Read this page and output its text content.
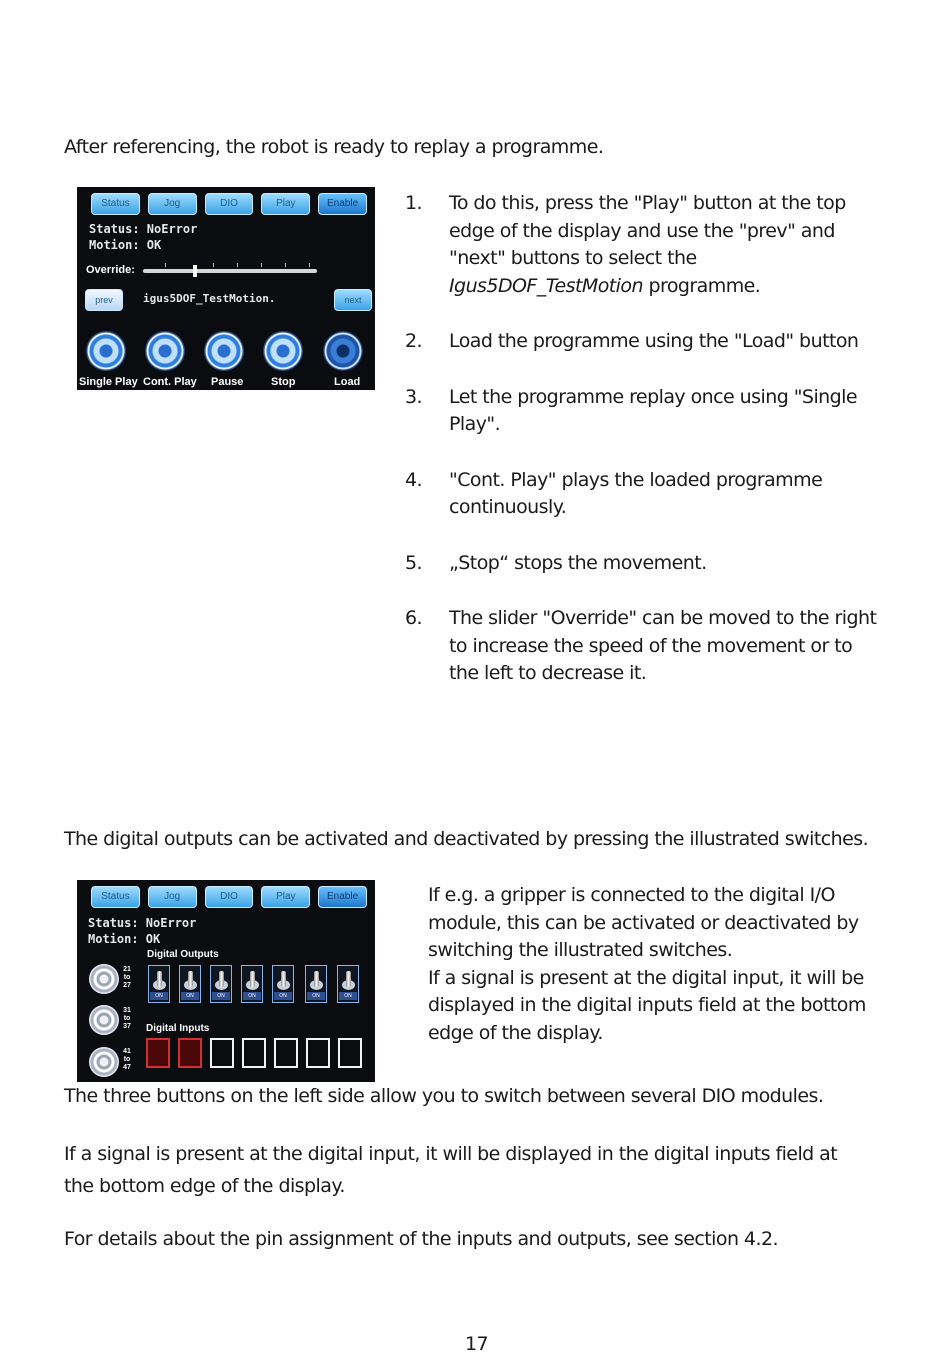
After referencing, the robot is ready to replay a programme.
Status	Jog	DIO	Play	Enable
Status: NoError
Motion: OK
Override:
prev	igus5DOF_TestMotion.	next
Single Play Cont. Play Pause	Stop	Load
1.	To do this, press the "Play" button at the top edge of the display and use the "prev" and "next" buttons to select the Igus5DOF_TestMotion programme.
2.	Load the programme using the "Load" button
3.	Let the programme replay once using "Single Play".
4.	"Cont. Play" plays the loaded programme continuously.
5.	„Stop“ stops the movement.
6.	The slider "Override" can be moved to the right to increase the speed of the movement or to the left to decrease it.
The digital outputs can be activated and deactivated by pressing the illustrated switches.
Status	Jog	DIO	Play	Enable
Status: NoError
Motion: OK
Digital Outputs
Digital Inputs
21
to
27
31
to
37
41
to
47
ON	ON	ON	ON	ON	ON	ON
If e.g. a gripper is connected to the digital I/O module, this can be activated or deactivated by switching the illustrated switches.
If a signal is present at the digital input, it will be displayed in the digital inputs field at the bottom edge of the display.
The three buttons on the left side allow you to switch between several DIO modules.
If a signal is present at the digital input, it will be displayed in the digital inputs field at the bottom edge of the display.
For details about the pin assignment of the inputs and outputs, see section 4.2.
17
